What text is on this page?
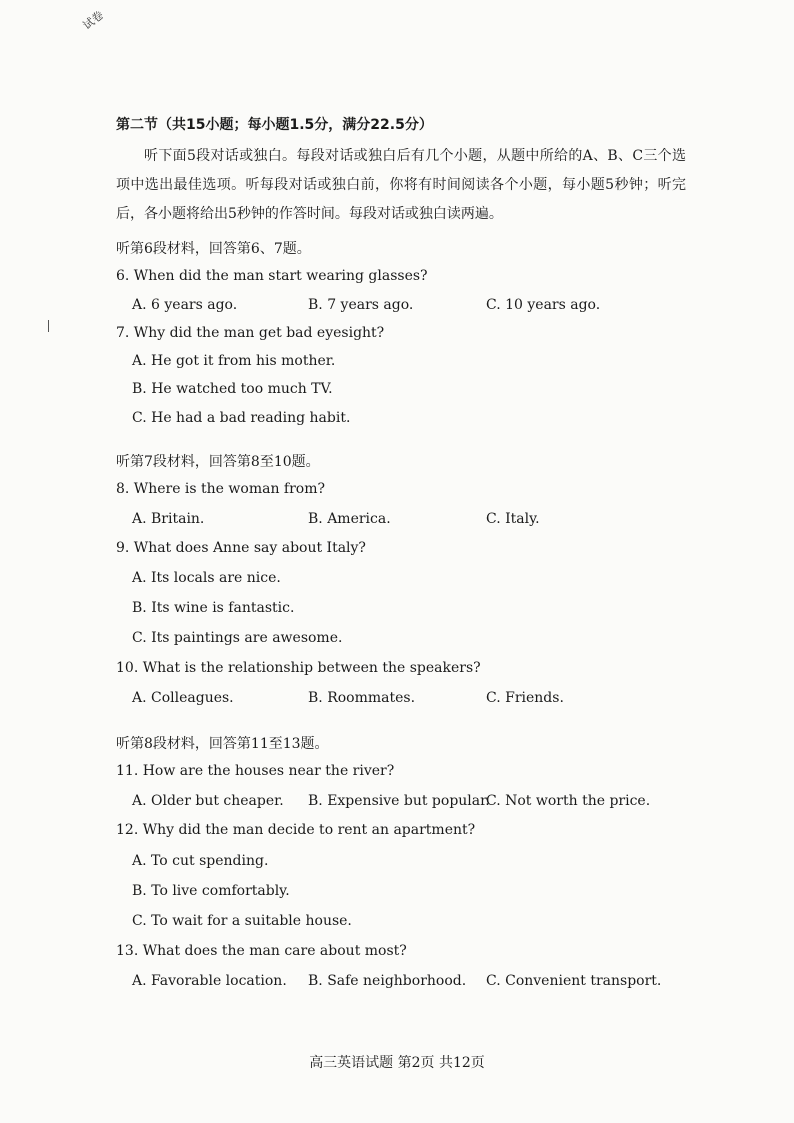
试卷
第二节（共15小题；每小题1.5分，满分22.5分）
听下面5段对话或独白。每段对话或独白后有几个小题，从题中所给的A、B、C三个选项中选出最佳选项。听每段对话或独白前，你将有时间阅读各个小题，每小题5秒钟；听完后，各小题将给出5秒钟的作答时间。每段对话或独白读两遍。
听第6段材料，回答第6、7题。
6. When did the man start wearing glasses?
A. 6 years ago.	B. 7 years ago.	C. 10 years ago.
7. Why did the man get bad eyesight?
A. He got it from his mother.
B. He watched too much TV.
C. He had a bad reading habit.
听第7段材料，回答第8至10题。
8. Where is the woman from?
A. Britain.	B. America.	C. Italy.
9. What does Anne say about Italy?
A. Its locals are nice.
B. Its wine is fantastic.
C. Its paintings are awesome.
10. What is the relationship between the speakers?
A. Colleagues.	B. Roommates.	C. Friends.
听第8段材料，回答第11至13题。
11. How are the houses near the river?
A. Older but cheaper. B. Expensive but popular.
C. Not worth the price.
12. Why did the man decide to rent an apartment?
A. To cut spending.
B. To live comfortably.
C. To wait for a suitable house.
13. What does the man care about most?
A. Favorable location. B. Safe neighborhood. C. Convenient transport.
高三英语试题 第2页 共12页
